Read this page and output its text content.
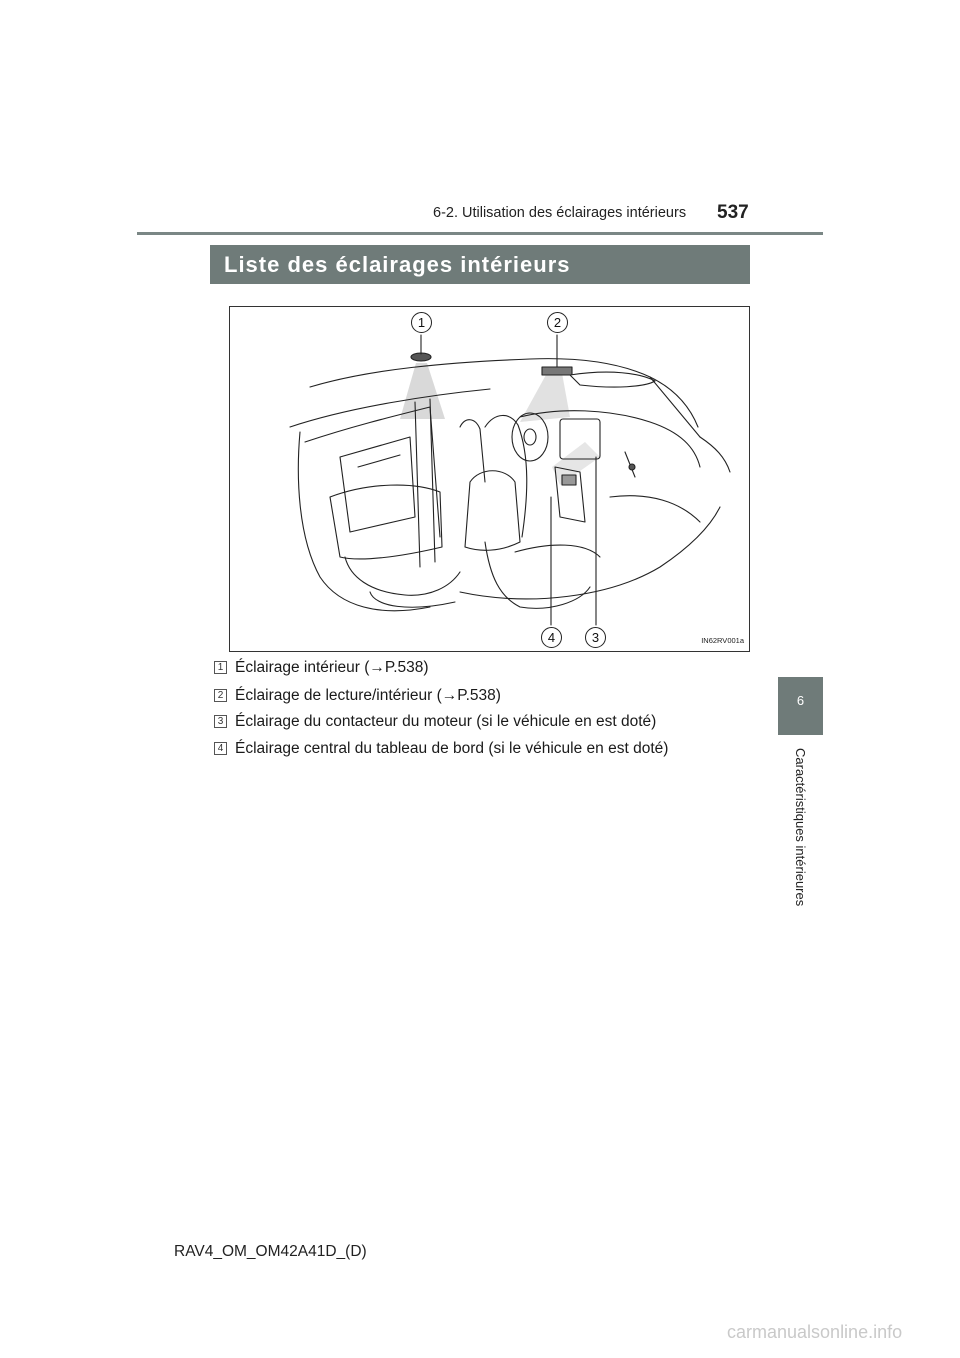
6-2. Utilisation des éclairages intérieurs 537
Liste des éclairages intérieurs
6
Caractéristiques intérieures
1	2
4	3	IN62RV001a
1 Éclairage intérieur (→P.538)
2 Éclairage de lecture/intérieur (→P.538)
3 Éclairage du contacteur du moteur (si le véhicule en est doté)
4 Éclairage central du tableau de bord (si le véhicule en est doté)
RAV4_OM_OM42A41D_(D)
carmanualsonline.info
